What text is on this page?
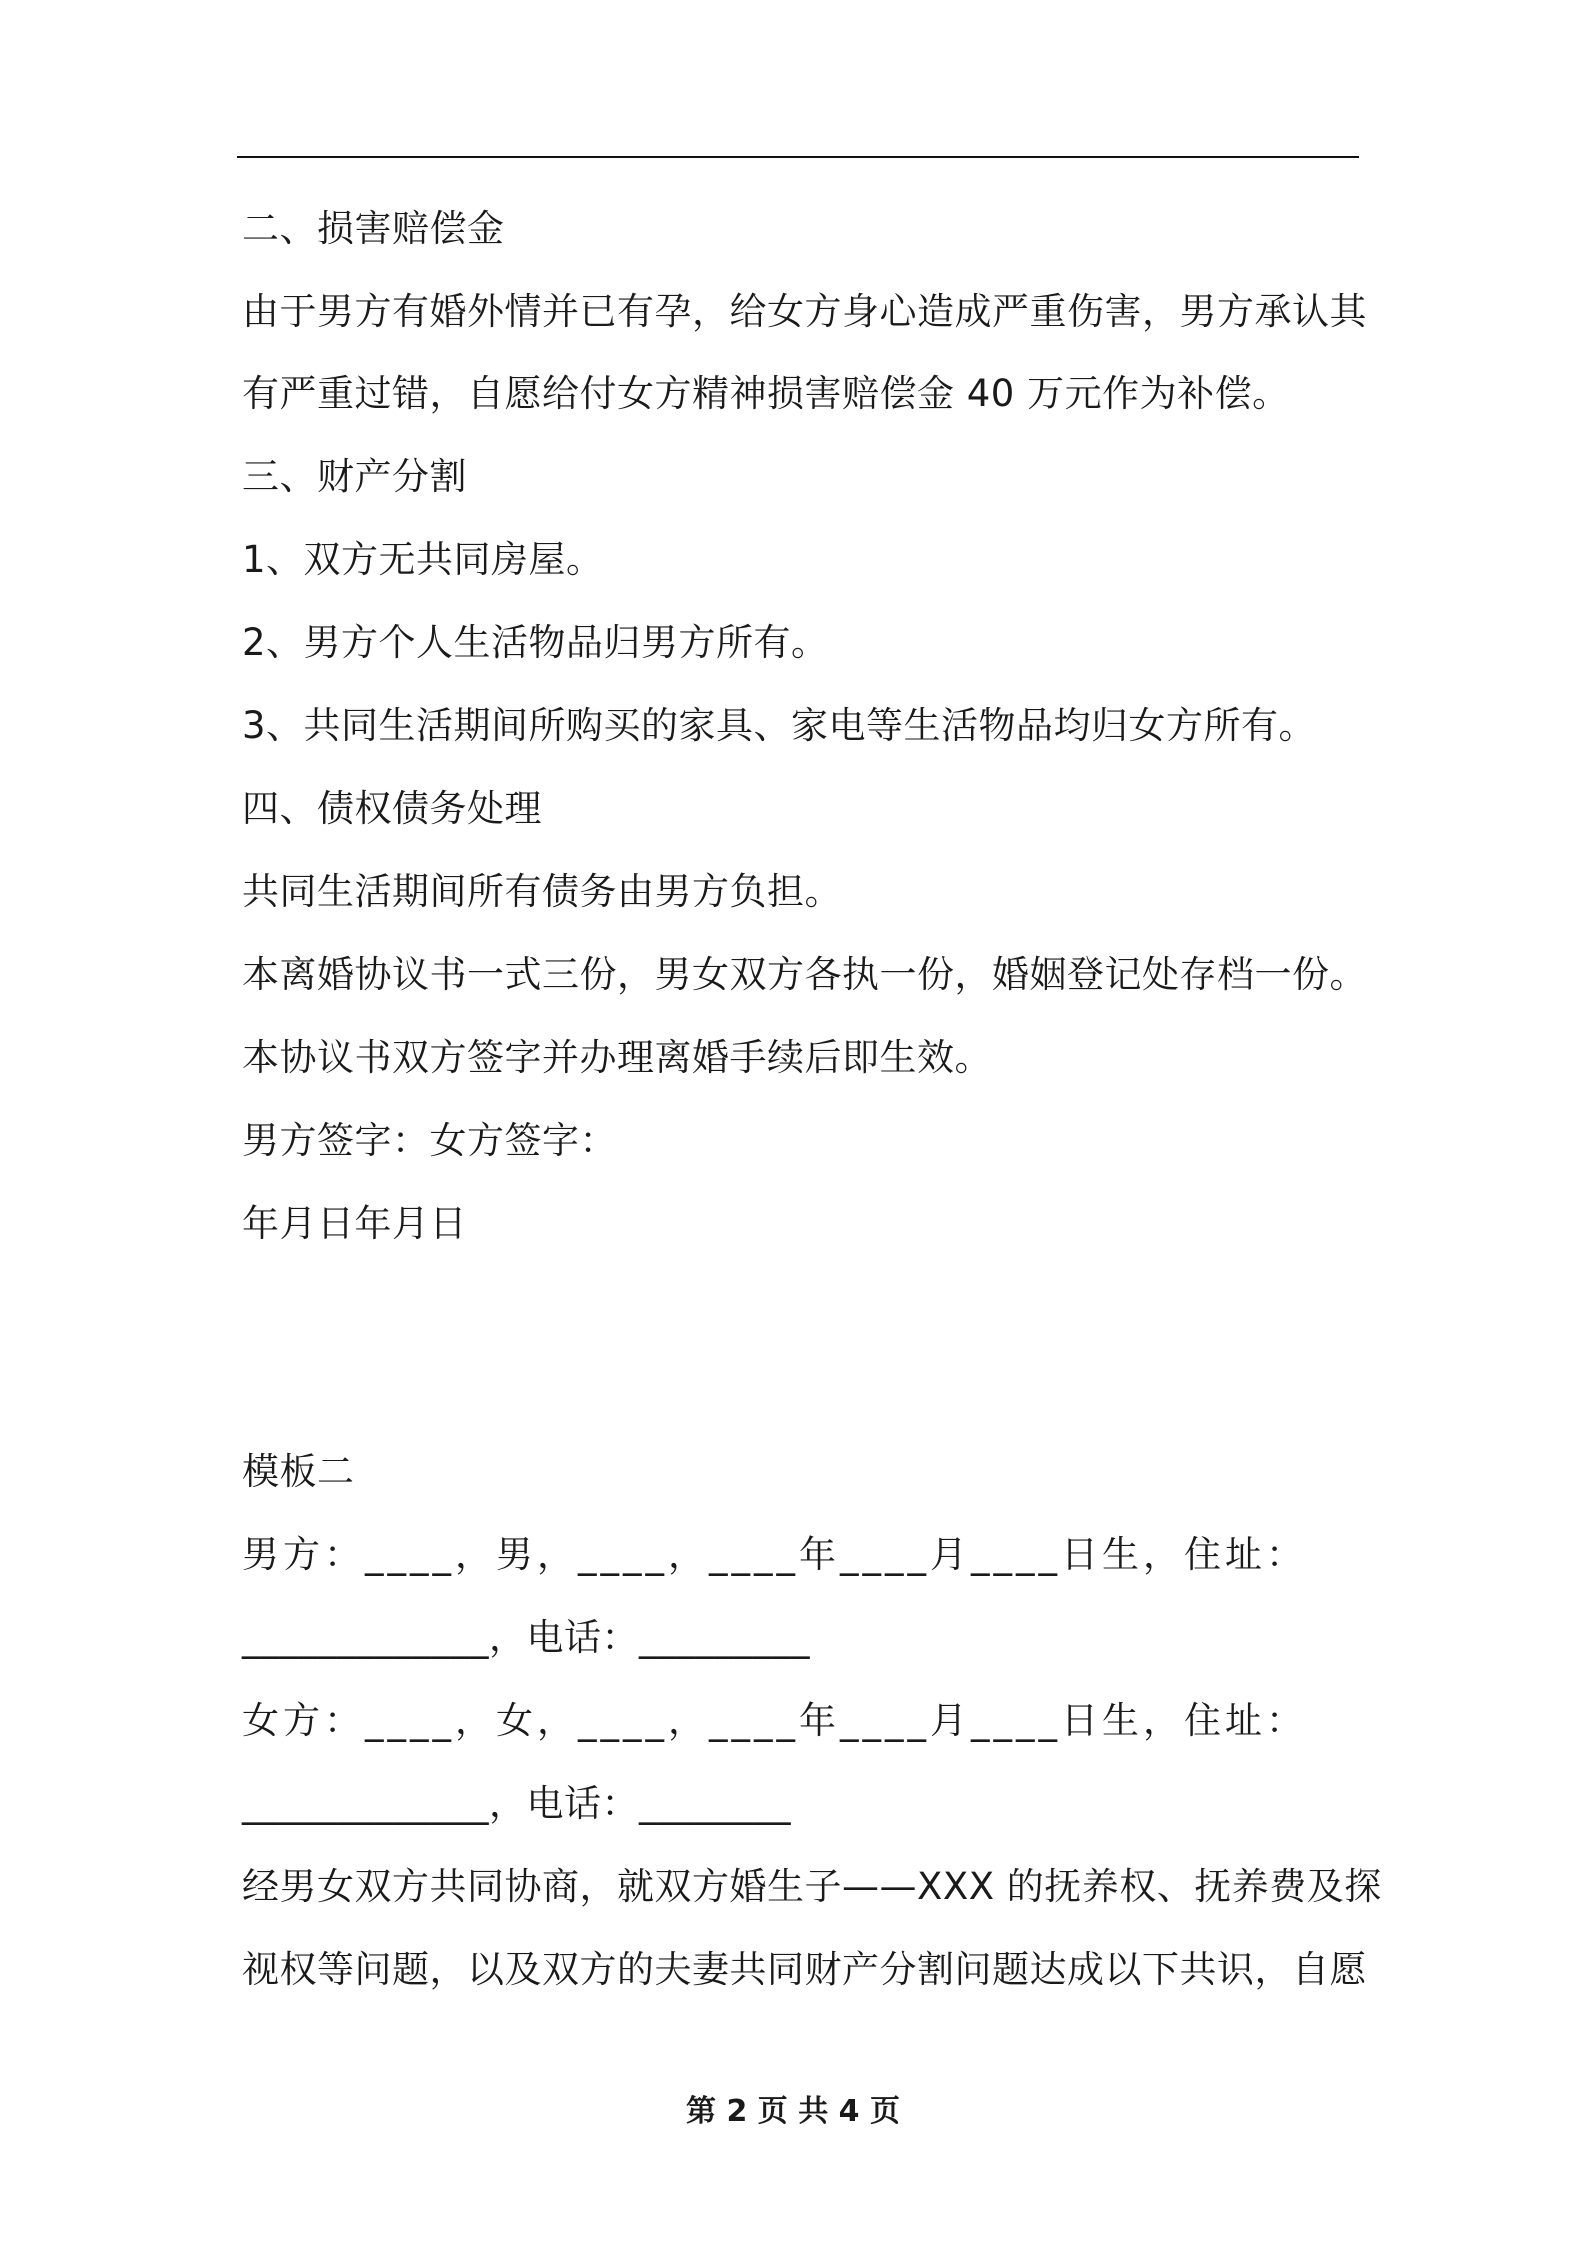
二、损害赔偿金
由于男方有婚外情并已有孕，给女方身心造成严重伤害，男方承认其
有严重过错，自愿给付女方精神损害赔偿金 40 万元作为补偿。
三、财产分割
1、双方无共同房屋。
2、男方个人生活物品归男方所有。
3、共同生活期间所购买的家具、家电等生活物品均归女方所有。
四、债权债务处理
共同生活期间所有债务由男方负担。
本离婚协议书一式三份，男女双方各执一份，婚姻登记处存档一份。
本协议书双方签字并办理离婚手续后即生效。
男方签字：女方签字：
年月日年月日
模板二
男方：____，男，____，____年____月____日生，住址：
_____________，电话：_________
女方：____，女，____，____年____月____日生，住址：
_____________，电话：________
经男女双方共同协商，就双方婚生子——XXX 的抚养权、抚养费及探
视权等问题，以及双方的夫妻共同财产分割问题达成以下共识，自愿
第 2 页 共 4 页
